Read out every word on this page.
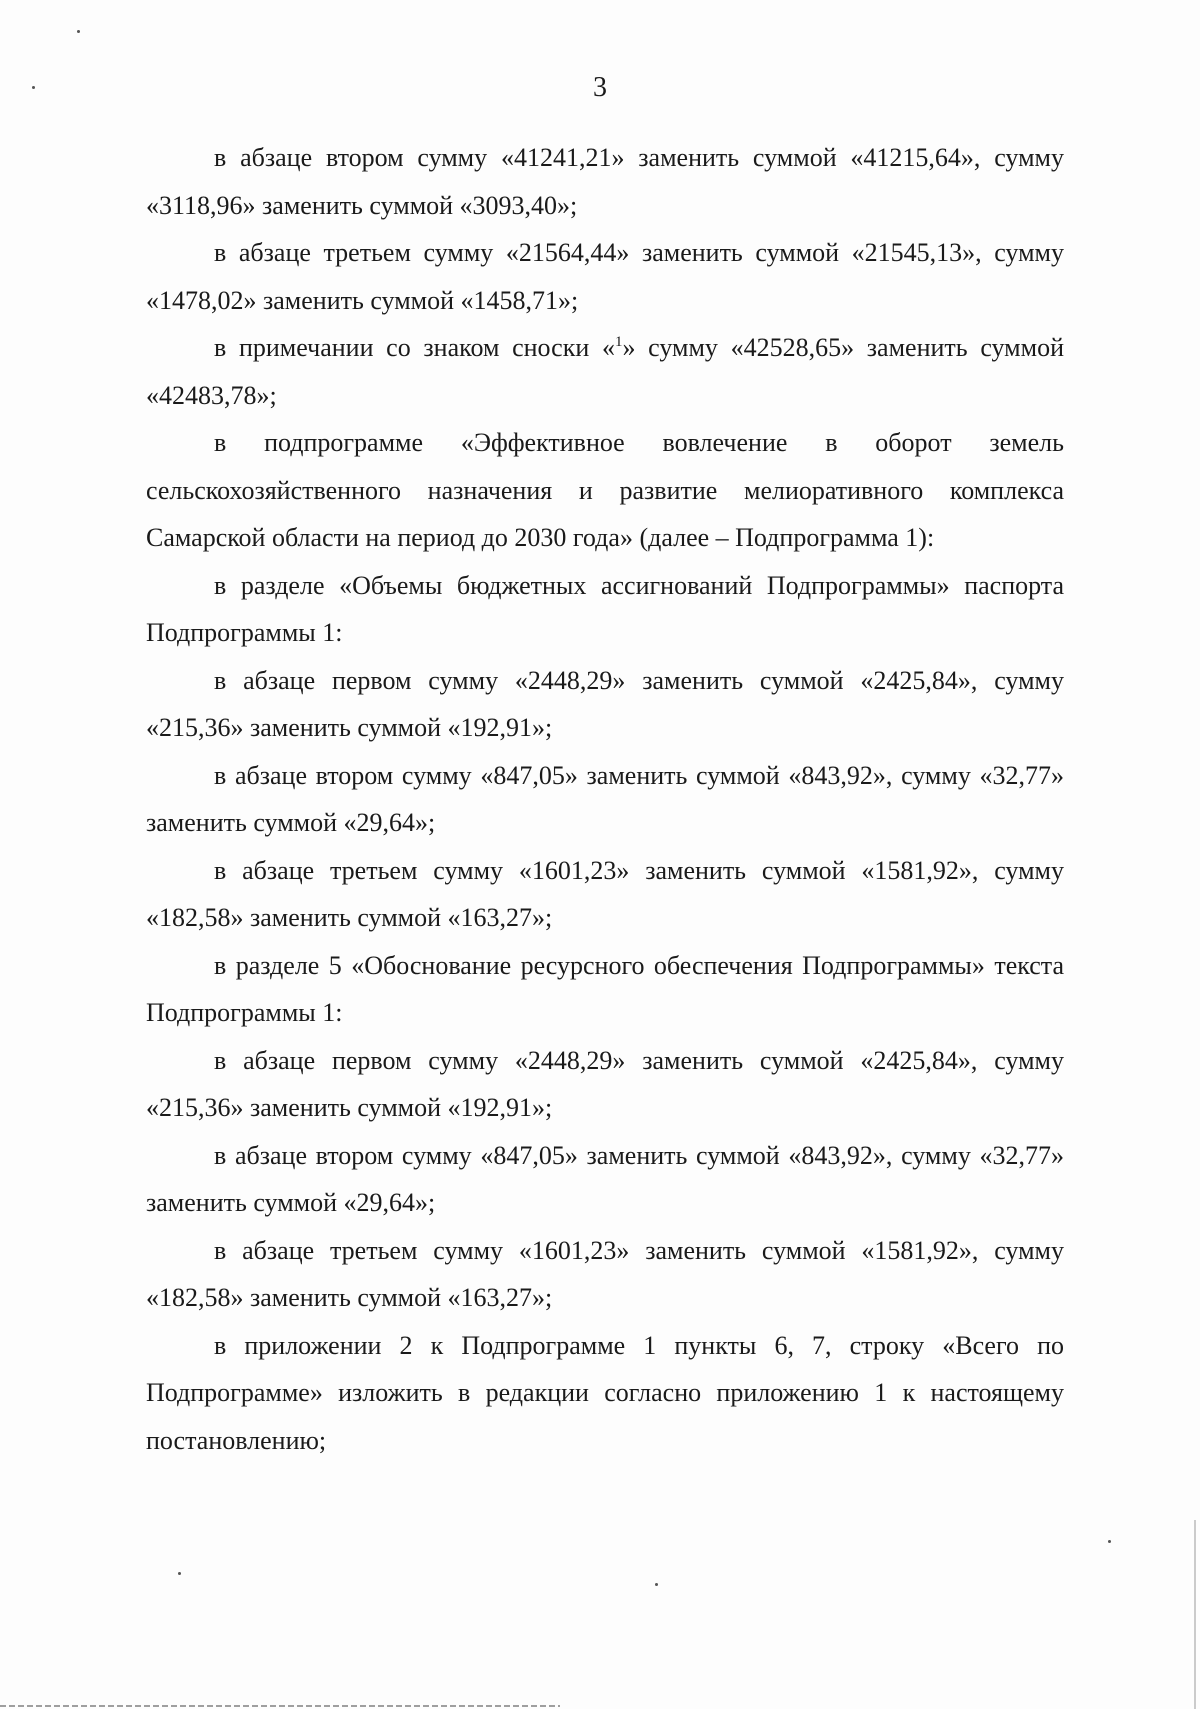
3

в абзаце втором сумму «41241,21» заменить суммой «41215,64», сумму «3118,96» заменить суммой «3093,40»;

в абзаце третьем сумму «21564,44» заменить суммой «21545,13», сумму «1478,02» заменить суммой «1458,71»;

в примечании со знаком сноски «$^1$» сумму «42528,65» заменить суммой «42483,78»;

в подпрограмме «Эффективное вовлечение в оборот земель сельскохозяйственного назначения и развитие мелиоративного комплекса Самарской области на период до 2030 года» (далее – Подпрограмма 1):

в разделе «Объемы бюджетных ассигнований Подпрограммы» паспорта Подпрограммы 1:

в абзаце первом сумму «2448,29» заменить суммой «2425,84», сумму «215,36» заменить суммой «192,91»;

в абзаце втором сумму «847,05» заменить суммой «843,92», сумму «32,77» заменить суммой «29,64»;

в абзаце третьем сумму «1601,23» заменить суммой «1581,92», сумму «182,58» заменить суммой «163,27»;

в разделе 5 «Обоснование ресурсного обеспечения Подпрограммы» текста Подпрограммы 1:

в абзаце первом сумму «2448,29» заменить суммой «2425,84», сумму «215,36» заменить суммой «192,91»;

в абзаце втором сумму «847,05» заменить суммой «843,92», сумму «32,77» заменить суммой «29,64»;

в абзаце третьем сумму «1601,23» заменить суммой «1581,92», сумму «182,58» заменить суммой «163,27»;

в приложении 2 к Подпрограмме 1 пункты 6, 7, строку «Всего по Подпрограмме» изложить в редакции согласно приложению 1 к настоящему постановлению;
